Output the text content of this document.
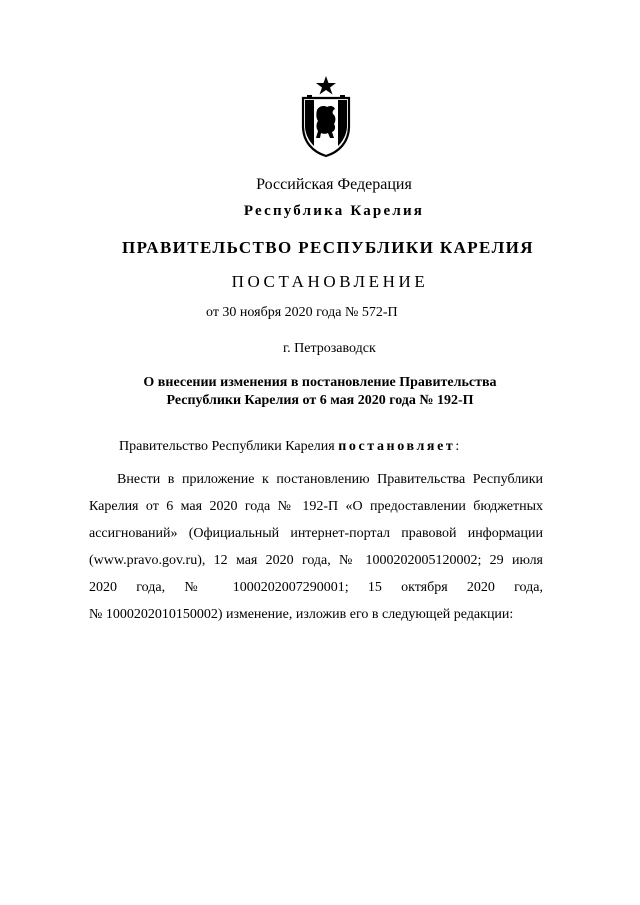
Российская Федерация
Республика Карелия
ПРАВИТЕЛЬСТВО РЕСПУБЛИКИ КАРЕЛИЯ
ПОСТАНОВЛЕНИЕ
от 30 ноября 2020 года № 572-П
г. Петрозаводск
О внесении изменения в постановление Правительства
Республики Карелия от 6 мая 2020 года № 192-П
Правительство Республики Карелия постановляет:
Внести в приложение к постановлению Правительства Республики
Карелия от 6 мая 2020 года № 192-П «О предоставлении бюджетных
ассигнований» (Официальный интернет-портал правовой информации
(www.pravo.gov.ru), 12 мая 2020 года, № 1000202005120002; 29 июля
2020 года, № 1000202007290001; 15 октября 2020 года,
№ 1000202010150002) изменение, изложив его в следующей редакции:
